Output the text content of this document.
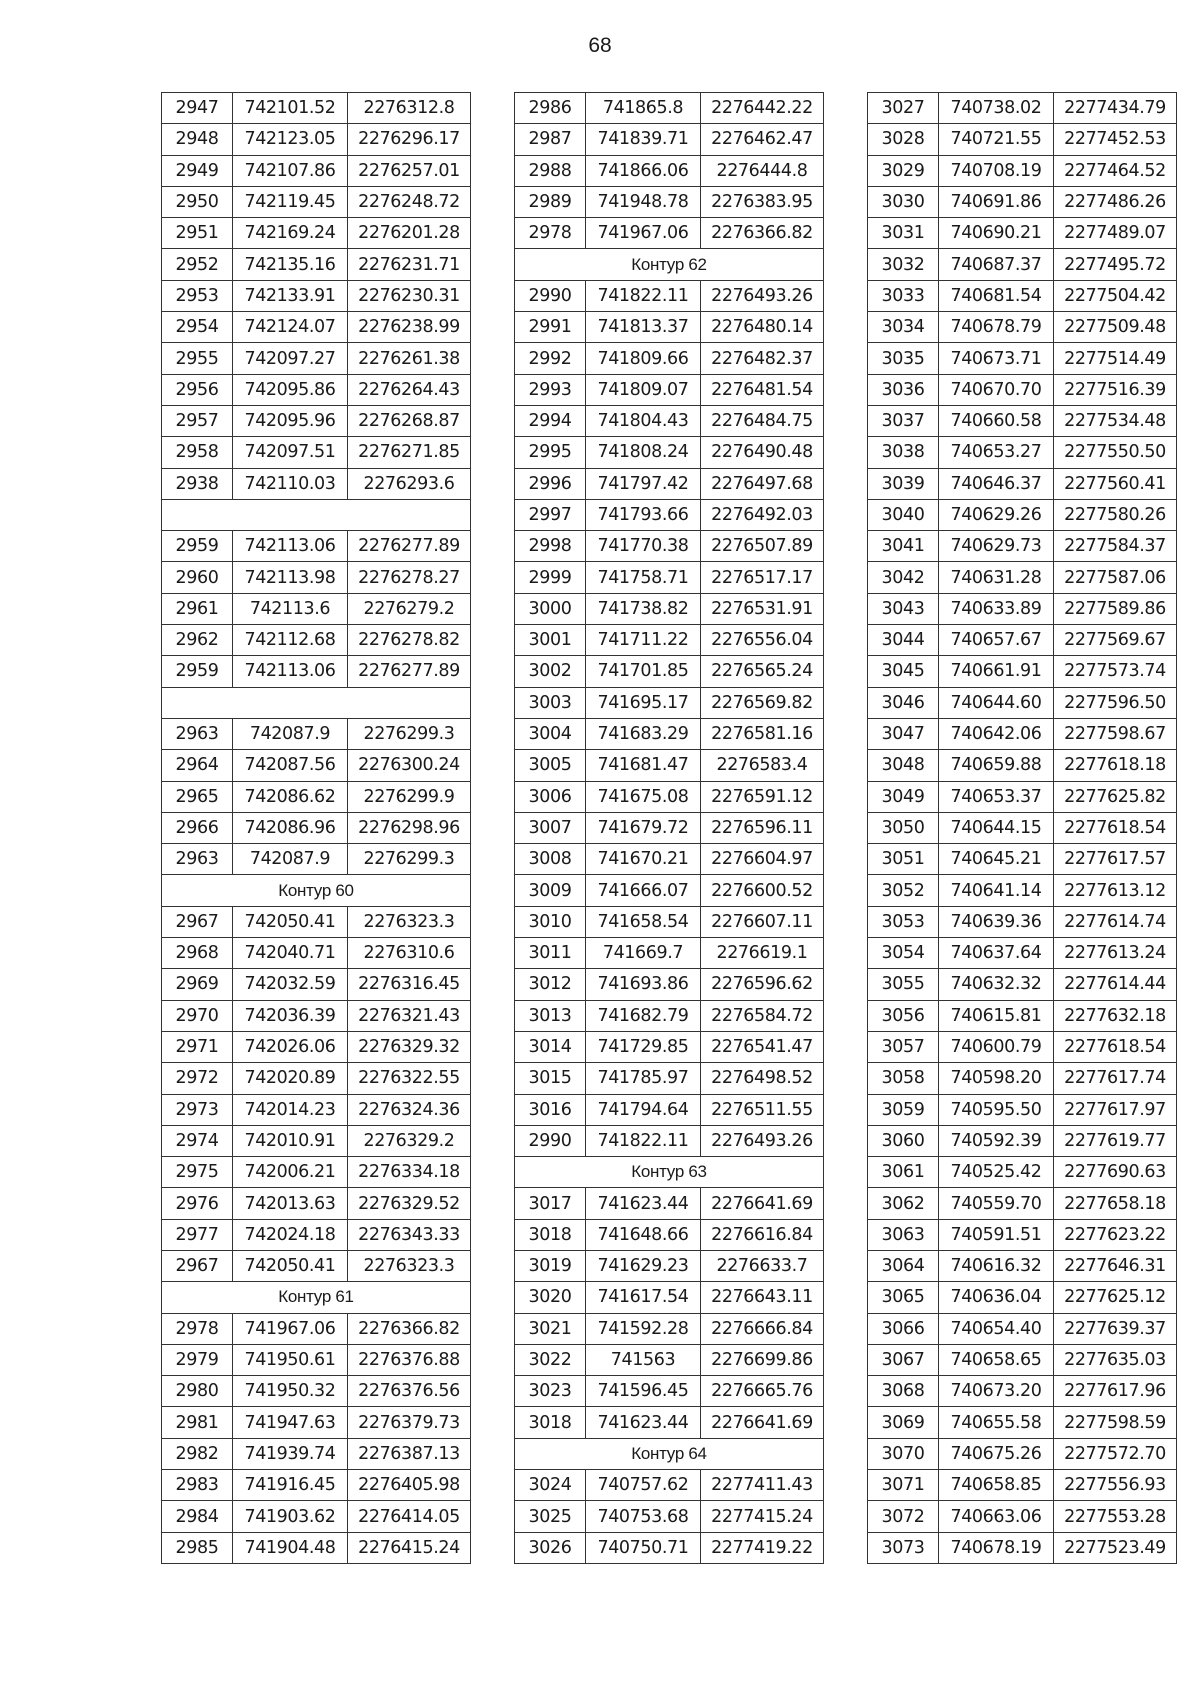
68
2947	742101.52	2276312.8
2948	742123.05	2276296.17
2949	742107.86	2276257.01
2950	742119.45	2276248.72
2951	742169.24	2276201.28
2952	742135.16	2276231.71
2953	742133.91	2276230.31
2954	742124.07	2276238.99
2955	742097.27	2276261.38
2956	742095.86	2276264.43
2957	742095.96	2276268.87
2958	742097.51	2276271.85
2938	742110.03	2276293.6

2959	742113.06	2276277.89
2960	742113.98	2276278.27
2961	742113.6	2276279.2
2962	742112.68	2276278.82
2959	742113.06	2276277.89

2963	742087.9	2276299.3
2964	742087.56	2276300.24
2965	742086.62	2276299.9
2966	742086.96	2276298.96
2963	742087.9	2276299.3
Контур 60		
2967	742050.41	2276323.3
2968	742040.71	2276310.6
2969	742032.59	2276316.45
2970	742036.39	2276321.43
2971	742026.06	2276329.32
2972	742020.89	2276322.55
2973	742014.23	2276324.36
2974	742010.91	2276329.2
2975	742006.21	2276334.18
2976	742013.63	2276329.52
2977	742024.18	2276343.33
2967	742050.41	2276323.3
Контур 61		
2978	741967.06	2276366.82
2979	741950.61	2276376.88
2980	741950.32	2276376.56
2981	741947.63	2276379.73
2982	741939.74	2276387.13
2983	741916.45	2276405.98
2984	741903.62	2276414.05
2985	741904.48	2276415.24
2986	741865.8	2276442.22
2987	741839.71	2276462.47
2988	741866.06	2276444.8
2989	741948.78	2276383.95
2978	741967.06	2276366.82
Контур 62		
2990	741822.11	2276493.26
2991	741813.37	2276480.14
2992	741809.66	2276482.37
2993	741809.07	2276481.54
2994	741804.43	2276484.75
2995	741808.24	2276490.48
2996	741797.42	2276497.68
2997	741793.66	2276492.03
2998	741770.38	2276507.89
2999	741758.71	2276517.17
3000	741738.82	2276531.91
3001	741711.22	2276556.04
3002	741701.85	2276565.24
3003	741695.17	2276569.82
3004	741683.29	2276581.16
3005	741681.47	2276583.4
3006	741675.08	2276591.12
3007	741679.72	2276596.11
3008	741670.21	2276604.97
3009	741666.07	2276600.52
3010	741658.54	2276607.11
3011	741669.7	2276619.1
3012	741693.86	2276596.62
3013	741682.79	2276584.72
3014	741729.85	2276541.47
3015	741785.97	2276498.52
3016	741794.64	2276511.55
2990	741822.11	2276493.26
Контур 63		
3017	741623.44	2276641.69
3018	741648.66	2276616.84
3019	741629.23	2276633.7
3020	741617.54	2276643.11
3021	741592.28	2276666.84
3022	741563	2276699.86
3023	741596.45	2276665.76
3018	741623.44	2276641.69
Контур 64		
3024	740757.62	2277411.43
3025	740753.68	2277415.24
3026	740750.71	2277419.22
3027	740738.02	2277434.79
3028	740721.55	2277452.53
3029	740708.19	2277464.52
3030	740691.86	2277486.26
3031	740690.21	2277489.07
3032	740687.37	2277495.72
3033	740681.54	2277504.42
3034	740678.79	2277509.48
3035	740673.71	2277514.49
3036	740670.70	2277516.39
3037	740660.58	2277534.48
3038	740653.27	2277550.50
3039	740646.37	2277560.41
3040	740629.26	2277580.26
3041	740629.73	2277584.37
3042	740631.28	2277587.06
3043	740633.89	2277589.86
3044	740657.67	2277569.67
3045	740661.91	2277573.74
3046	740644.60	2277596.50
3047	740642.06	2277598.67
3048	740659.88	2277618.18
3049	740653.37	2277625.82
3050	740644.15	2277618.54
3051	740645.21	2277617.57
3052	740641.14	2277613.12
3053	740639.36	2277614.74
3054	740637.64	2277613.24
3055	740632.32	2277614.44
3056	740615.81	2277632.18
3057	740600.79	2277618.54
3058	740598.20	2277617.74
3059	740595.50	2277617.97
3060	740592.39	2277619.77
3061	740525.42	2277690.63
3062	740559.70	2277658.18
3063	740591.51	2277623.22
3064	740616.32	2277646.31
3065	740636.04	2277625.12
3066	740654.40	2277639.37
3067	740658.65	2277635.03
3068	740673.20	2277617.96
3069	740655.58	2277598.59
3070	740675.26	2277572.70
3071	740658.85	2277556.93
3072	740663.06	2277553.28
3073	740678.19	2277523.49
